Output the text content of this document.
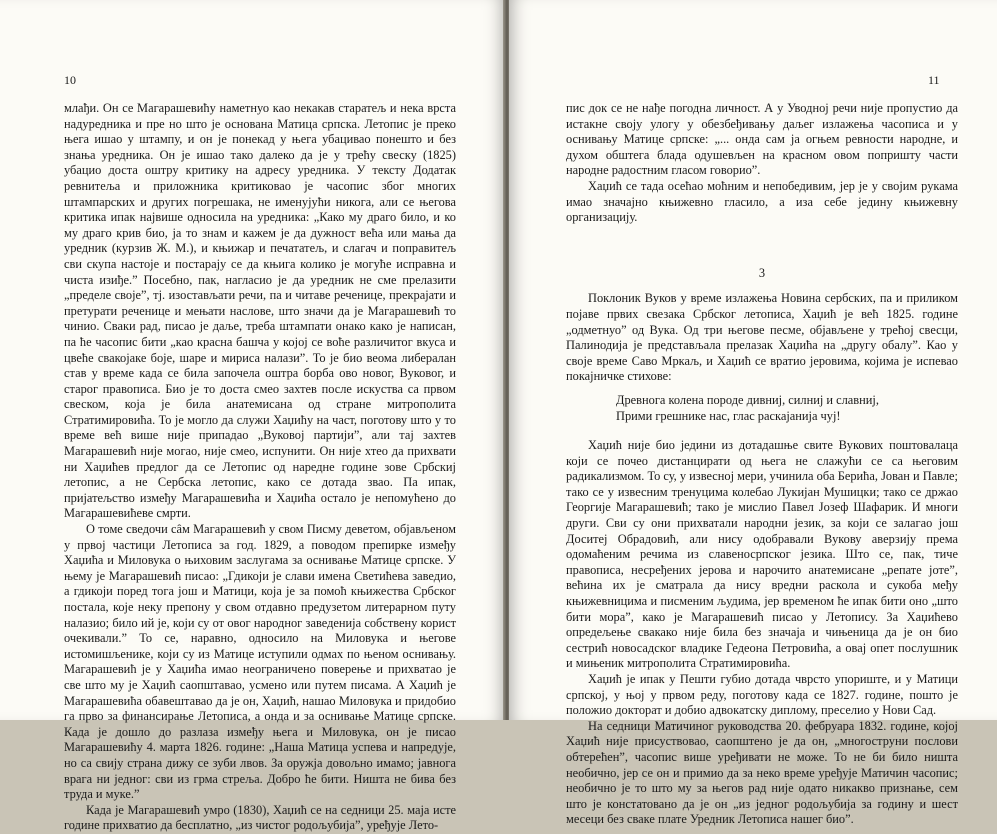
10

млађи. Он се Магарашевићу наметнуо као некакав старатељ и нека врста надуредника и пре но што је основана Матица српска. Летопис је преко њега ишао у штампу, и он је понекад у њега убацивао понешто и без знања уредника. Он је ишао тако далеко да је у трећу свеску (1825) убацио доста оштру критику на адресу уредника. У тексту Додатак ревнитеља и приложника критиковао је часопис због многих штампарских и других погрешака, не именујући никога, али се његова критика ипак највише односила на уредника: „Како му драго било, и ко му драго крив био, ја то знам и кажем је да дужност већа или мања да уредник (курзив Ж. М.), и књижар и печататељ, и слагач и поправитељ сви скупа настоје и постарају се да књига колико је могуће исправна и чиста изиђе.” Посебно, пак, нагласио је да уредник не сме прелазити „пределе своје”, тј. изостављати речи, па и читаве реченице, прекрајати и претурати реченице и мењати наслове, што значи да је Магарашевић то чинио. Сваки рад, писао је даље, треба штампати онако како је написан, па ће часопис бити „као красна башча у којој се воће различитог вкуса и цвеће свакојаке боје, шаре и мириса налази”. То је био веома либералан став у време када се била започела оштра борба ово новог, Вуковог, и старог правописа. Био је то доста смео захтев после искуства са првом свеском, која је била анатемисана од стране митрополита Стратимировића. То је могло да служи Хаџићу на част, поготову што у то време већ више није припадао „Вуковој партији”, али тај захтев Магарашевић није могао, није смео, испунити. Он није хтео да прихвати ни Хаџићев предлог да се Летопис од наредне године зове Србскиј летопис, а не Сербска летопис, како се дотада звао. Па ипак, пријатељство између Магарашевића и Хаџића остало је непомућено до Магарашевићеве смрти.

О томе сведочи сâм Магарашевић у свом Писму деветом, објављеном у првој частици Летописа за год. 1829, а поводом препирке између Хаџића и Миловука о њиховим заслугама за оснивање Матице српске. У њему је Магарашевић писао: „Гдикоји је слави имена Светићева заведио, а гдикоји поред тога још и Матици, која је за помоћ књижества Србског постала, које неку препону у свом отдавно предузетом литерарном путу налазио; било ий је, који су от овог народног заведенија собствену корист очекивали.” То се, наравно, односило на Миловука и његове истомишљенике, који су из Матице иступили одмах по њеном оснивању. Магарашевић је у Хаџића имао неограничено поверење и прихватао је све што му је Хаџић саопштавао, усмено или путем писама. А Хаџић је Магарашевића обавештавао да је он, Хаџић, нашао Миловука и придобио га прво за финансирање Летописа, а онда и за оснивање Матице српске. Када је дошло до разлаза између њега и Миловука, он је писао Магарашевићу 4. марта 1826. године: „Наша Матица успева и напредује, но са свију страна дижу се зуби лвов. За оружја довољно имамо; јавнога врага ни једног: сви из грма стреља. Добро ће бити. Ништа не бива без труда и муке.”

Када је Магарашевић умро (1830), Хаџић се на седници 25. маја исте године прихватио да бесплатно, „из чистог родољубија”, уређује Лето-

11

пис док се не нађе погодна личност. А у Уводној речи није пропустио да истакне своју улогу у обезбеђивању даљег излажења часописа и у оснивању Матице српске: „... онда сам ја огњем ревности народне, и духом обштега блада одушевљен на красном овом попришту части народне радостним гласом говорио”.

Хаџић се тада осећао моћним и непобедивим, јер је у својим рукама имао значајно књижевно гласило, а иза себе једину књижевну организацију.

3

Поклоник Вуков у време излажења Новина сербских, па и приликом појаве првих свезака Србског летописа, Хаџић је већ 1825. године „одметнуо” од Вука. Од три његове песме, објављене у трећој свесци, Палинодија је представљала прелазак Хаџића на „другу обалу”. Као у своје време Саво Мркаљ, и Хаџић се вратио јеровима, којима је испевао покајничке стихове:

Древнога колена породе дивниј, силниј и славниј,
Прими грешнике нас, глас раскајанија чуј!

Хаџић није био једини из дотадашње свите Вукових поштовалаца који се почео дистанцирати од њега не слажући се са његовим радикализмом. То су, у извесној мери, учинила оба Берића, Јован и Павле; тако се у извесним тренуцима колебао Лукијан Мушицки; тако се држао Георгије Магарашевић; тако је мислио Павел Јозеф Шафарик. И многи други. Сви су они прихватали народни језик, за који се залагао још Доситеј Обрадовић, али нису одобравали Вукову аверзију према одомаћеним речима из славеносрпског језика. Што се, пак, тиче правописа, несређених јерова и нарочито анатемисане „репате јоте”, већина их је сматрала да нису вредни раскола и сукоба међу књижевницима и писменим људима, јер временом ће ипак бити оно „што бити мора”, како је Магарашевић писао у Летопису. За Хаџићево опредељење свакако није била без значаја и чињеница да је он био сестрић новосадског владике Гедеона Петровића, а овај опет послушник и мињеник митрополита Стратимировића.

Хаџић је ипак у Пешти губио дотада чврсто упориште, и у Матици српској, у њој у првом реду, поготову када се 1827. године, пошто је положио докторат и добио адвокатску диплому, преселио у Нови Сад.

На седници Матичиног руководства 20. фебруара 1832. године, којој Хаџић није присуствовао, саопштено је да он, „многоструни послови обтерећен”, часопис више уређивати не може. То не би било ништа необично, јер се он и примио да за неко време уређује Матичин часопис; необично је то што му за његов рад није одато никакво признање, сем што је констатовано да је он „из једног родољубија за годину и шест месеци без сваке плате Уредник Летописа нашег био”.
